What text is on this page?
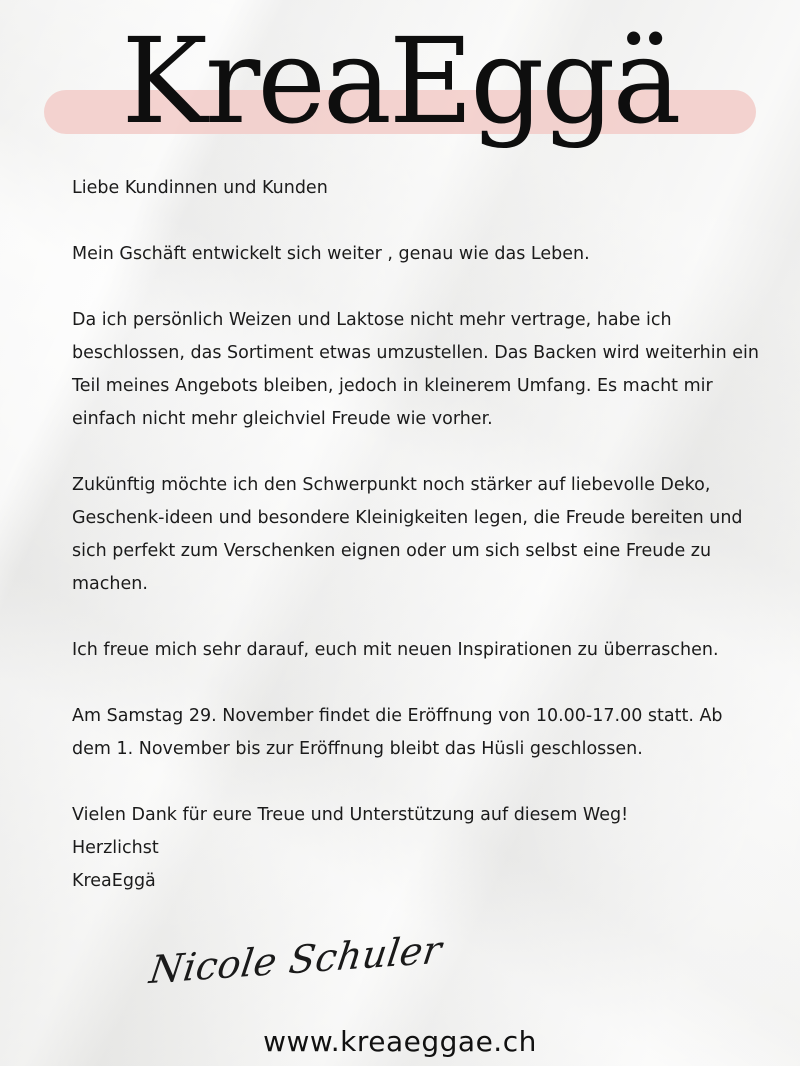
KreaEggä

Liebe Kundinnen und Kunden

Mein Gschäft entwickelt sich weiter , genau wie das Leben.

Da ich persönlich Weizen und Laktose nicht mehr vertrage, habe ich beschlossen, das Sortiment etwas umzustellen. Das Backen wird weiterhin ein Teil meines Angebots bleiben, jedoch in kleinerem Umfang. Es macht mir einfach nicht mehr gleichviel Freude wie vorher.

Zukünftig möchte ich den Schwerpunkt noch stärker auf liebevolle Deko, Geschenk-ideen und besondere Kleinigkeiten legen, die Freude bereiten und sich perfekt zum Verschenken eignen oder um sich selbst eine Freude zu machen.

Ich freue mich sehr darauf, euch mit neuen Inspirationen zu überraschen.

Am Samstag 29. November findet die Eröffnung von 10.00-17.00 statt. Ab dem 1. November bis zur Eröffnung bleibt das Hüsli geschlossen.

Vielen Dank für eure Treue und Unterstützung auf diesem Weg!

Herzlichst

KreaEggä

Nicole Schuler
www.kreaeggae.ch
